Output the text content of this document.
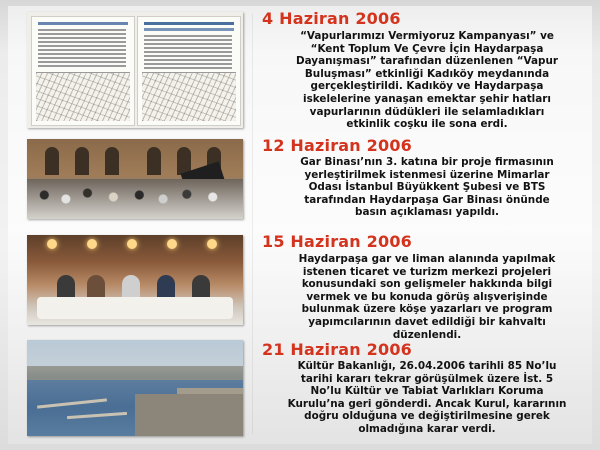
4 Haziran 2006
“Vapurlarımızı Vermiyoruz Kampanyası” ve
“Kent Toplum Ve Çevre İçin Haydarpaşa
Dayanışması” tarafından düzenlenen “Vapur
Buluşması” etkinliği Kadıköy meydanında
gerçekleştirildi. Kadıköy ve Haydarpaşa
iskelelerine yanaşan emektar şehir hatları
vapurlarının düdükleri ile selamladıkları
etkinlik coşku ile sona erdi.
12 Haziran 2006
Gar Binası’nın 3. katına bir proje firmasının
yerleştirilmek istenmesi üzerine Mimarlar
Odası İstanbul Büyükkent Şubesi ve BTS
tarafından Haydarpaşa Gar Binası önünde
basın açıklaması yapıldı.
15 Haziran 2006
Haydarpaşa gar ve liman alanında yapılmak
istenen ticaret ve turizm merkezi projeleri
konusundaki son gelişmeler hakkında bilgi
vermek ve bu konuda görüş alışverişinde
bulunmak üzere köşe yazarları ve program
yapımcılarının davet edildiği bir kahvaltı
düzenlendi.
21 Haziran 2006
Kültür Bakanlığı, 26.04.2006 tarihli 85 No’lu
tarihi kararı tekrar görüşülmek üzere İst. 5
No’lu Kültür ve Tabiat Varlıkları Koruma
Kurulu’na geri gönderdi. Ancak Kurul, kararının
doğru olduğuna ve değiştirilmesine gerek
olmadığına karar verdi.
